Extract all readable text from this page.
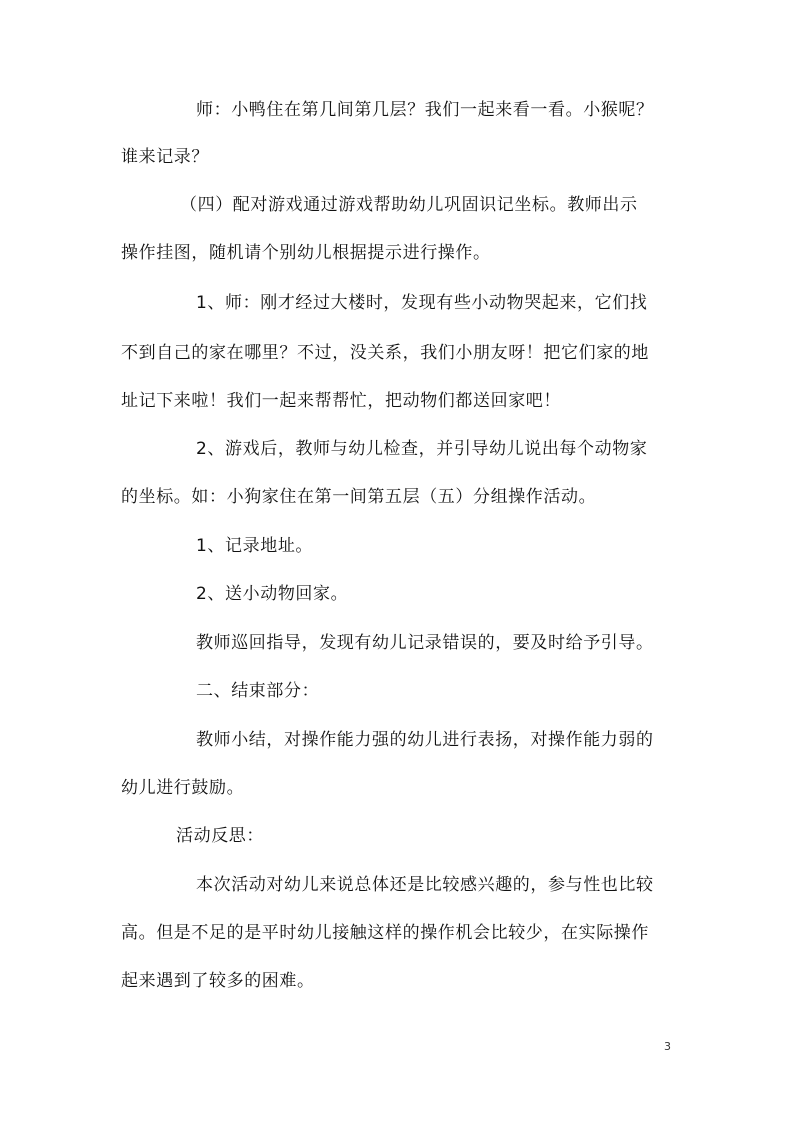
师：小鸭住在第几间第几层？我们一起来看一看。小猴呢？
谁来记录？
（四）配对游戏通过游戏帮助幼儿巩固识记坐标。教师出示
操作挂图，随机请个别幼儿根据提示进行操作。
1、师：刚才经过大楼时，发现有些小动物哭起来，它们找
不到自己的家在哪里？不过，没关系，我们小朋友呀！把它们家的地
址记下来啦！我们一起来帮帮忙，把动物们都送回家吧！
2、游戏后，教师与幼儿检查，并引导幼儿说出每个动物家
的坐标。如：小狗家住在第一间第五层（五）分组操作活动。
1、记录地址。
2、送小动物回家。
教师巡回指导，发现有幼儿记录错误的，要及时给予引导。
二、结束部分：
教师小结，对操作能力强的幼儿进行表扬，对操作能力弱的
幼儿进行鼓励。
活动反思：
本次活动对幼儿来说总体还是比较感兴趣的，参与性也比较
高。但是不足的是平时幼儿接触这样的操作机会比较少，在实际操作
起来遇到了较多的困难。
3
